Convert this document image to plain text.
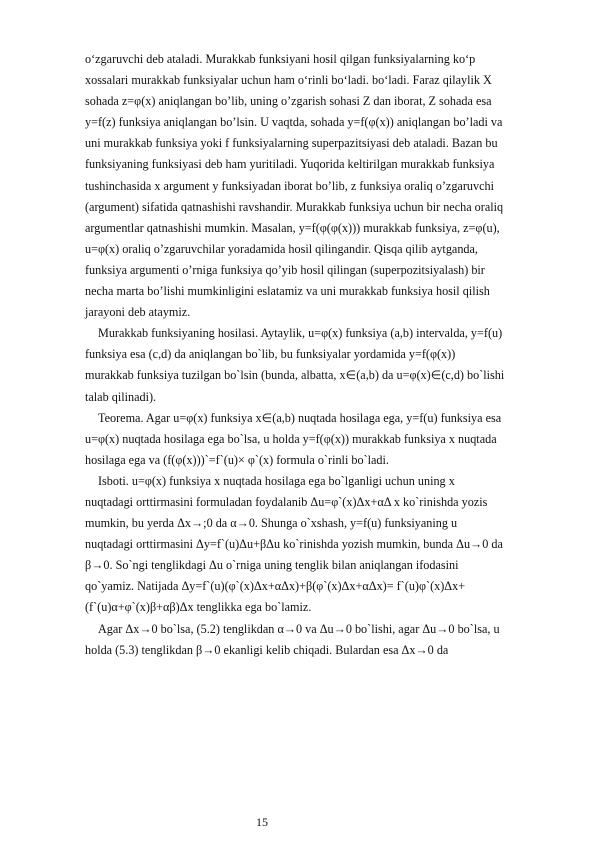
o‘zgaruvchi deb ataladi. Murakkab funksiyani hosil qilgan funksiyalarning ko‘p
xossalari murakkab funksiyalar uchun ham o‘rinli bo‘ladi. bo‘ladi. Faraz qilaylik X
sohada z=φ(x) aniqlangan bo’lib, uning o’zgarish sohasi Z dan iborat, Z sohada esa
y=f(z) funksiya aniqlangan bo’lsin. U vaqtda, sohada y=f(φ(x)) aniqlangan bo’ladi va
uni murakkab funksiya yoki f funksiyalarning superpazitsiyasi deb ataladi. Bazan bu
funksiyaning funksiyasi deb ham yuritiladi. Yuqorida keltirilgan murakkab funksiya
tushinchasida x argument y funksiyadan iborat bo’lib, z funksiya oraliq o’zgaruvchi
(argument) sifatida qatnashishi ravshandir. Murakkab funksiya uchun bir necha oraliq
argumentlar qatnashishi mumkin. Masalan, y=f(φ(φ(x))) murakkab funksiya, z=φ(u),
u=φ(x) oraliq o’zgaruvchilar yoradamida hosil qilingandir. Qisqa qilib aytganda,
funksiya argumenti o’rniga funksiya qo’yib hosil qilingan (superpozitsiyalash) bir
necha marta bo’lishi mumkinligini eslatamiz va uni murakkab funksiya hosil qilish
jarayoni deb ataymiz.
Murakkab funksiyaning hosilasi. Aytaylik, u=φ(x) funksiya (a,b) intervalda, y=f(u)
funksiya esa (c,d) da aniqlangan bo`lib, bu funksiyalar yordamida y=f(φ(x))
murakkab funksiya tuzilgan bo`lsin (bunda, albatta, x∈(a,b) da u=φ(x)∈(c,d) bo`lishi
talab qilinadi).
Teorema. Agar u=φ(x) funksiya x∈(a,b) nuqtada hosilaga ega, y=f(u) funksiya esa
u=φ(x) nuqtada hosilaga ega bo`lsa, u holda y=f(φ(x)) murakkab funksiya x nuqtada
hosilaga ega va (f(φ(x)))`=f`(u)× φ`(x) formula o`rinli bo`ladi.
Isboti. u=φ(x) funksiya x nuqtada hosilaga ega bo`lganligi uchun uning x
nuqtadagi orttirmasini formuladan foydalanib Δu=φ`(x)Δx+αΔ x ko`rinishda yozis
mumkin, bu yerda Δx→;0 da α→0. Shunga o`xshash, y=f(u) funksiyaning u
nuqtadagi orttirmasini Δy=f`(u)Δu+βΔu ko`rinishda yozish mumkin, bunda Δu→0 da
β→0. So`ngi tenglikdagi Δu o`rniga uning tenglik bilan aniqlangan ifodasini
qo`yamiz. Natijada Δy=f`(u)(φ`(x)Δx+αΔx)+β(φ`(x)Δx+αΔx)= f`(u)φ`(x)Δx+
(f`(u)α+φ`(x)β+αβ)Δx tenglikka ega bo`lamiz.
Agar Δx→0 bo`lsa, (5.2) tenglikdan α→0 va Δu→0 bo`lishi, agar Δu→0 bo`lsa, u
holda (5.3) tenglikdan β→0 ekanligi kelib chiqadi. Bulardan esa Δx→0 da
15
